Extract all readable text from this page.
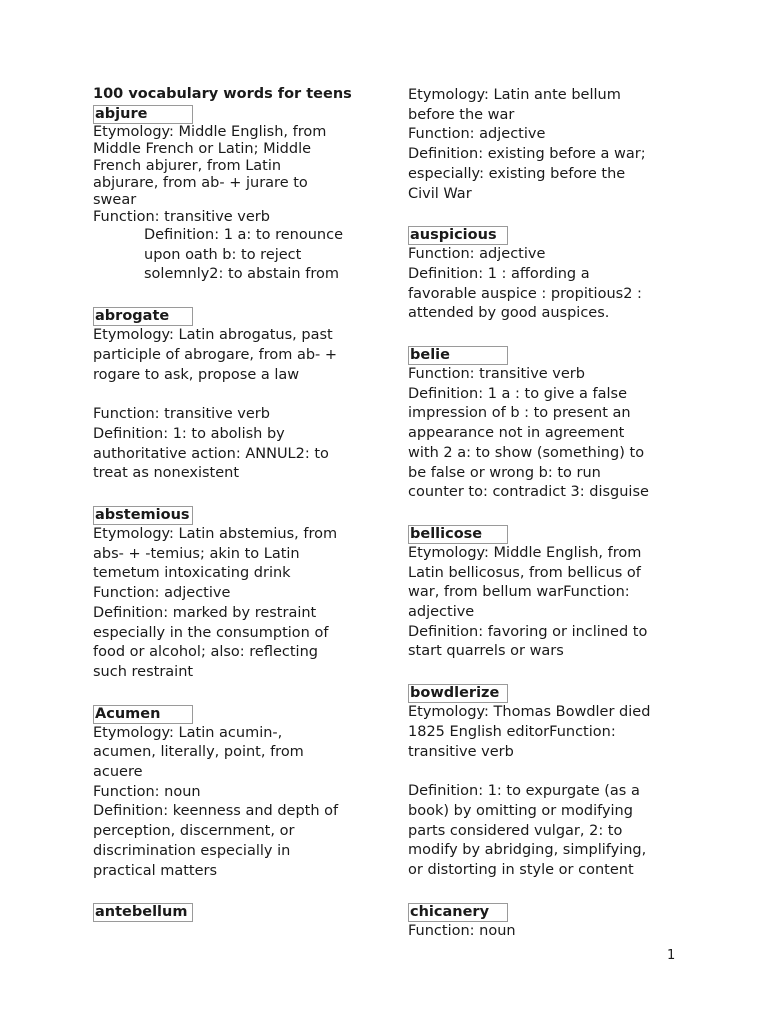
100 vocabulary words for teens

abjure

Etymology: Middle English, from

Middle French or Latin; Middle

French abjurer, from Latin

abjurare, from ab- + jurare to

swear

Function: transitive verb

Definition: 1 a: to renounce

upon oath b: to reject

solemnly2: to abstain from

abrogate

Etymology: Latin abrogatus, past

participle of abrogare, from ab- +

rogare to ask, propose a law

Function: transitive verb

Definition: 1: to abolish by

authoritative action: ANNUL2: to

treat as nonexistent

abstemious

Etymology: Latin abstemius, from

abs- + -temius; akin to Latin

temetum intoxicating drink

Function: adjective

Definition: marked by restraint

especially in the consumption of

food or alcohol; also: reflecting

such restraint

Acumen

Etymology: Latin acumin-,

acumen, literally, point, from

acuere

Function: noun

Definition: keenness and depth of

perception, discernment, or

discrimination especially in

practical matters

antebellum

Etymology: Latin ante bellum

before the war

Function: adjective

Definition: existing before a war;

especially: existing before the

Civil War

auspicious

Function: adjective

Definition: 1 : affording a

favorable auspice : propitious2 :

attended by good auspices.

belie

Function: transitive verb

Definition: 1 a : to give a false

impression of b : to present an

appearance not in agreement

with 2 a: to show (something) to

be false or wrong b: to run

counter to: contradict 3: disguise

bellicose

Etymology: Middle English, from

Latin bellicosus, from bellicus of

war, from bellum warFunction:

adjective

Definition: favoring or inclined to

start quarrels or wars

bowdlerize

Etymology: Thomas Bowdler died

1825 English editorFunction:

transitive verb

Definition: 1: to expurgate (as a

book) by omitting or modifying

parts considered vulgar, 2: to

modify by abridging, simplifying,

or distorting in style or content

chicanery

Function: noun

1
